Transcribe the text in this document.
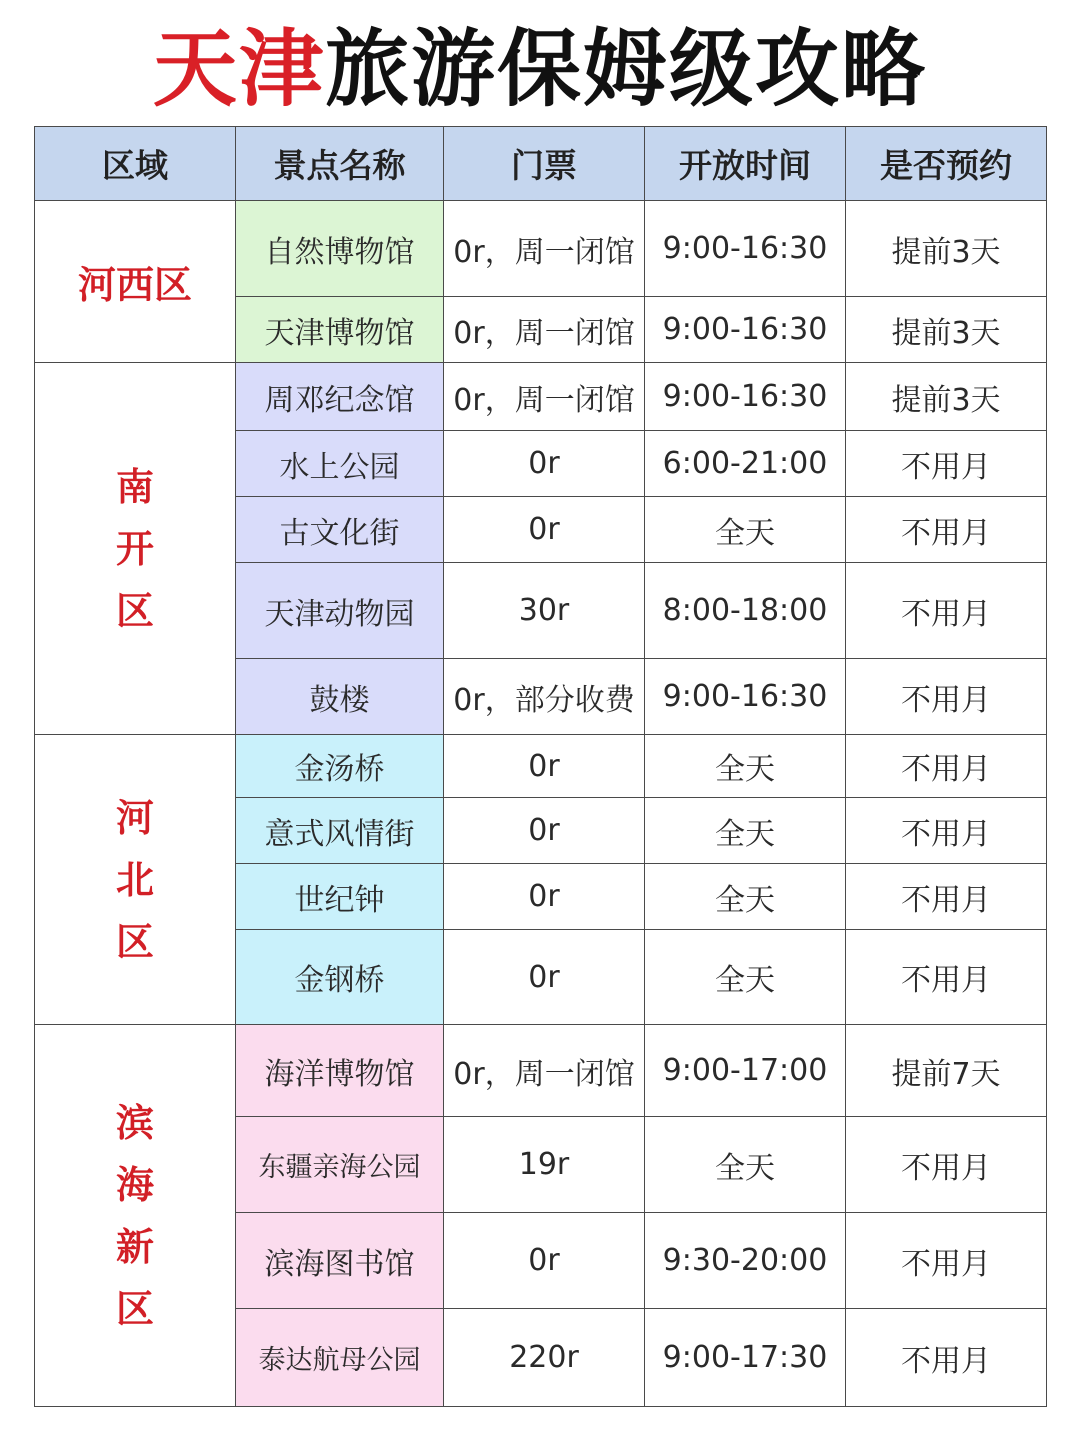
天津旅游保姆级攻略
区域	景点名称	门票	开放时间	是否预约
河西区	自然博物馆	0r，周一闭馆	9:00-16:30	提前3天
	天津博物馆	0r，周一闭馆	9:00-16:30	提前3天

南
开
区	周邓纪念馆	0r，周一闭馆	9:00-16:30	提前3天
	水上公园	0r	6:00-21:00	不用月
	古文化街	0r	全天	不用月
	天津动物园	30r	8:00-18:00	不用月
	鼓楼	0r，部分收费	9:00-16:30	不用月

河
北
区	金汤桥	0r	全天	不用月
	意式风情街	0r	全天	不用月
	世纪钟	0r	全天	不用月
	金钢桥	0r	全天	不用月

滨
海
新
区	海洋博物馆	0r，周一闭馆	9:00-17:00	提前7天
	东疆亲海公园	19r	全天	不用月
	滨海图书馆	0r	9:30-20:00	不用月
	泰达航母公园	220r	9:00-17:30	不用月
